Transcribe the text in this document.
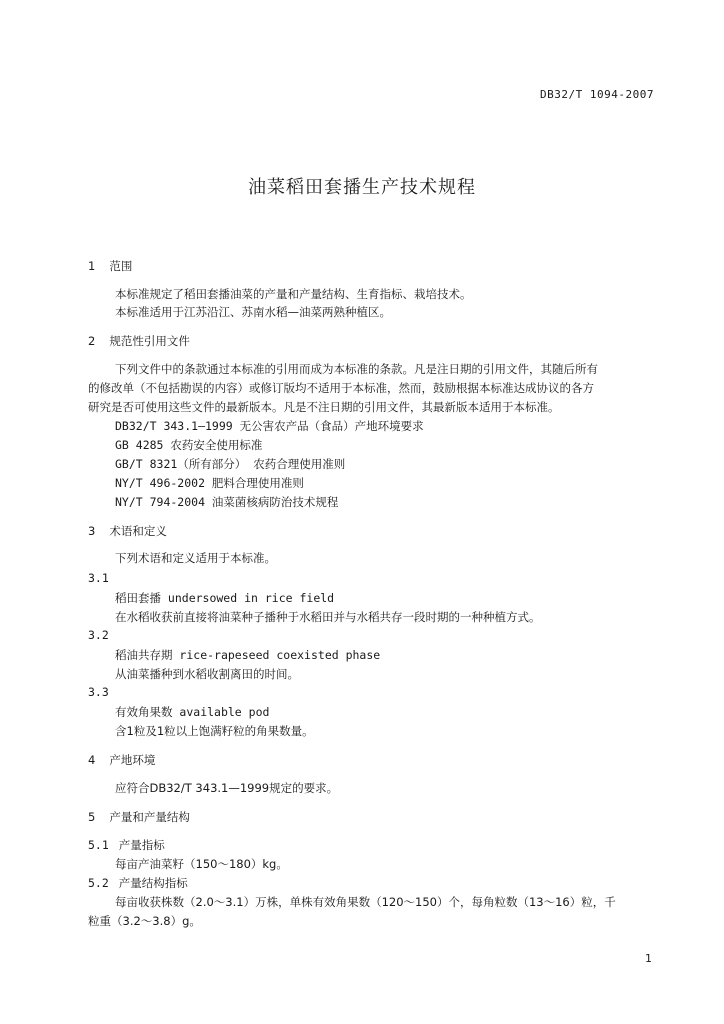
DB32/T 1094-2007
油菜稻田套播生产技术规程
1 范围
本标准规定了稻田套播油菜的产量和产量结构、生育指标、栽培技术。
本标准适用于江苏沿江、苏南水稻—油菜两熟种植区。
2 规范性引用文件
下列文件中的条款通过本标准的引用而成为本标准的条款。凡是注日期的引用文件，其随后所有
的修改单（不包括勘误的内容）或修订版均不适用于本标准，然而，鼓励根据本标准达成协议的各方
研究是否可使用这些文件的最新版本。凡是不注日期的引用文件，其最新版本适用于本标准。
DB32/T 343.1—1999 无公害农产品（食品）产地环境要求
GB 4285 农药安全使用标准
GB/T 8321（所有部分） 农药合理使用准则
NY/T 496-2002 肥料合理使用准则
NY/T 794-2004 油菜菌核病防治技术规程
3 术语和定义
下列术语和定义适用于本标准。
3.1
稻田套播 undersowed in rice field
在水稻收获前直接将油菜种子播种于水稻田并与水稻共存一段时期的一种种植方式。
3.2
稻油共存期 rice-rapeseed coexisted phase
从油菜播种到水稻收割离田的时间。
3.3
有效角果数 available pod
含1粒及1粒以上饱满籽粒的角果数量。
4 产地环境
应符合DB32/T 343.1—1999规定的要求。
5 产量和产量结构
5.1 产量指标
每亩产油菜籽（150～180）kg。
5.2 产量结构指标
每亩收获株数（2.0～3.1）万株，单株有效角果数（120～150）个，每角粒数（13～16）粒，千
粒重（3.2～3.8）g。
1
